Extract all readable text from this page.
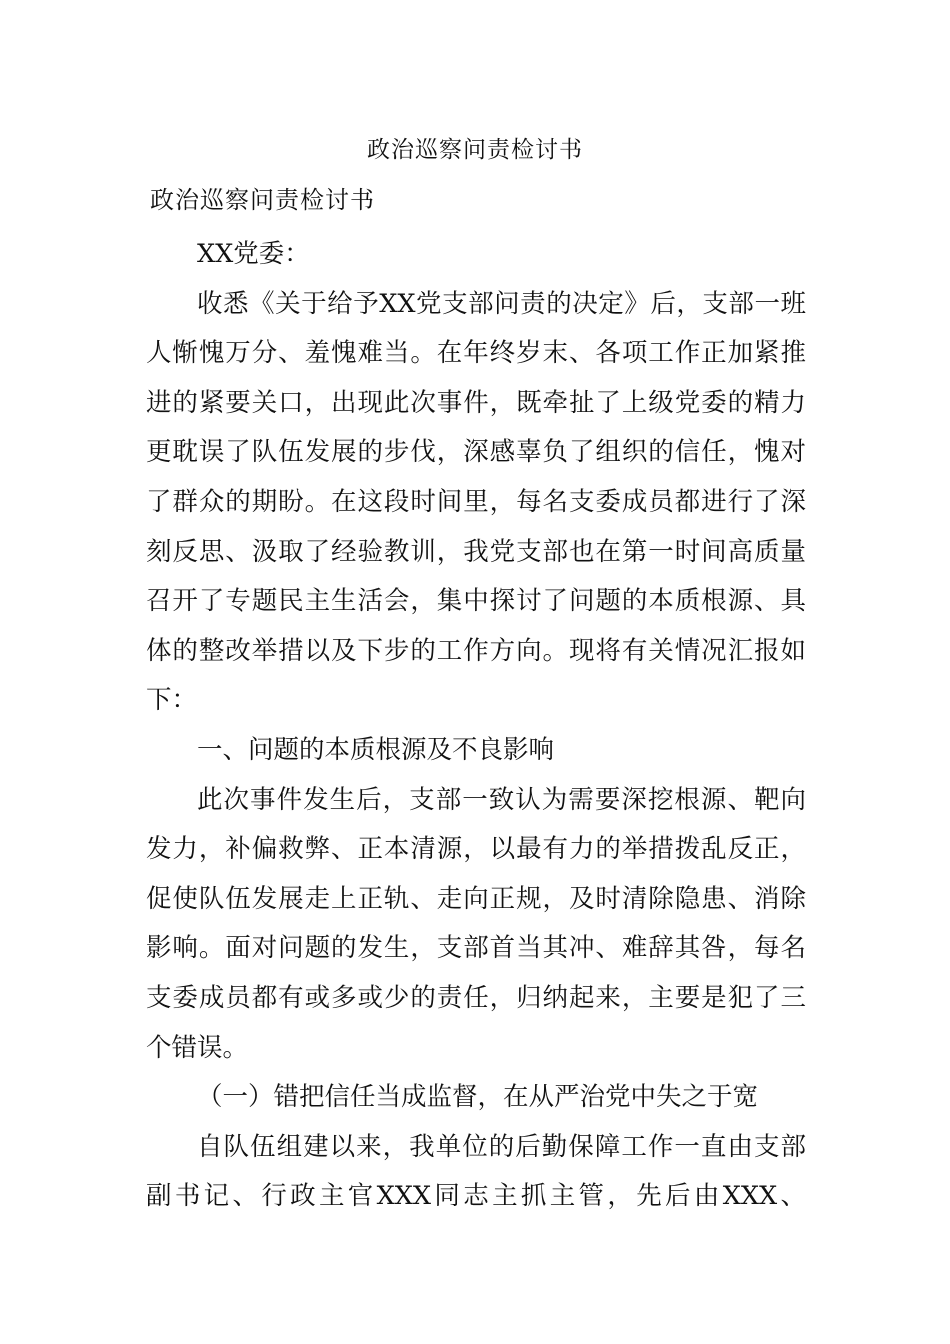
政治巡察问责检讨书
政治巡察问责检讨书

XX党委：

收悉《关于给予XX党支部问责的决定》后，支部一班人惭愧万分、羞愧难当。在年终岁末、各项工作正加紧推进的紧要关口，出现此次事件，既牵扯了上级党委的精力更耽误了队伍发展的步伐，深感辜负了组织的信任，愧对了群众的期盼。在这段时间里，每名支委成员都进行了深刻反思、汲取了经验教训，我党支部也在第一时间高质量召开了专题民主生活会，集中探讨了问题的本质根源、具体的整改举措以及下步的工作方向。现将有关情况汇报如下：

一、问题的本质根源及不良影响

此次事件发生后，支部一致认为需要深挖根源、靶向发力，补偏救弊、正本清源，以最有力的举措拨乱反正，促使队伍发展走上正轨、走向正规，及时清除隐患、消除影响。面对问题的发生，支部首当其冲、难辞其咎，每名支委成员都有或多或少的责任，归纳起来，主要是犯了三个错误。

（一）错把信任当成监督，在从严治党中失之于宽

自队伍组建以来，我单位的后勤保障工作一直由支部副书记、行政主官XXX同志主抓主管，先后由XXX、
